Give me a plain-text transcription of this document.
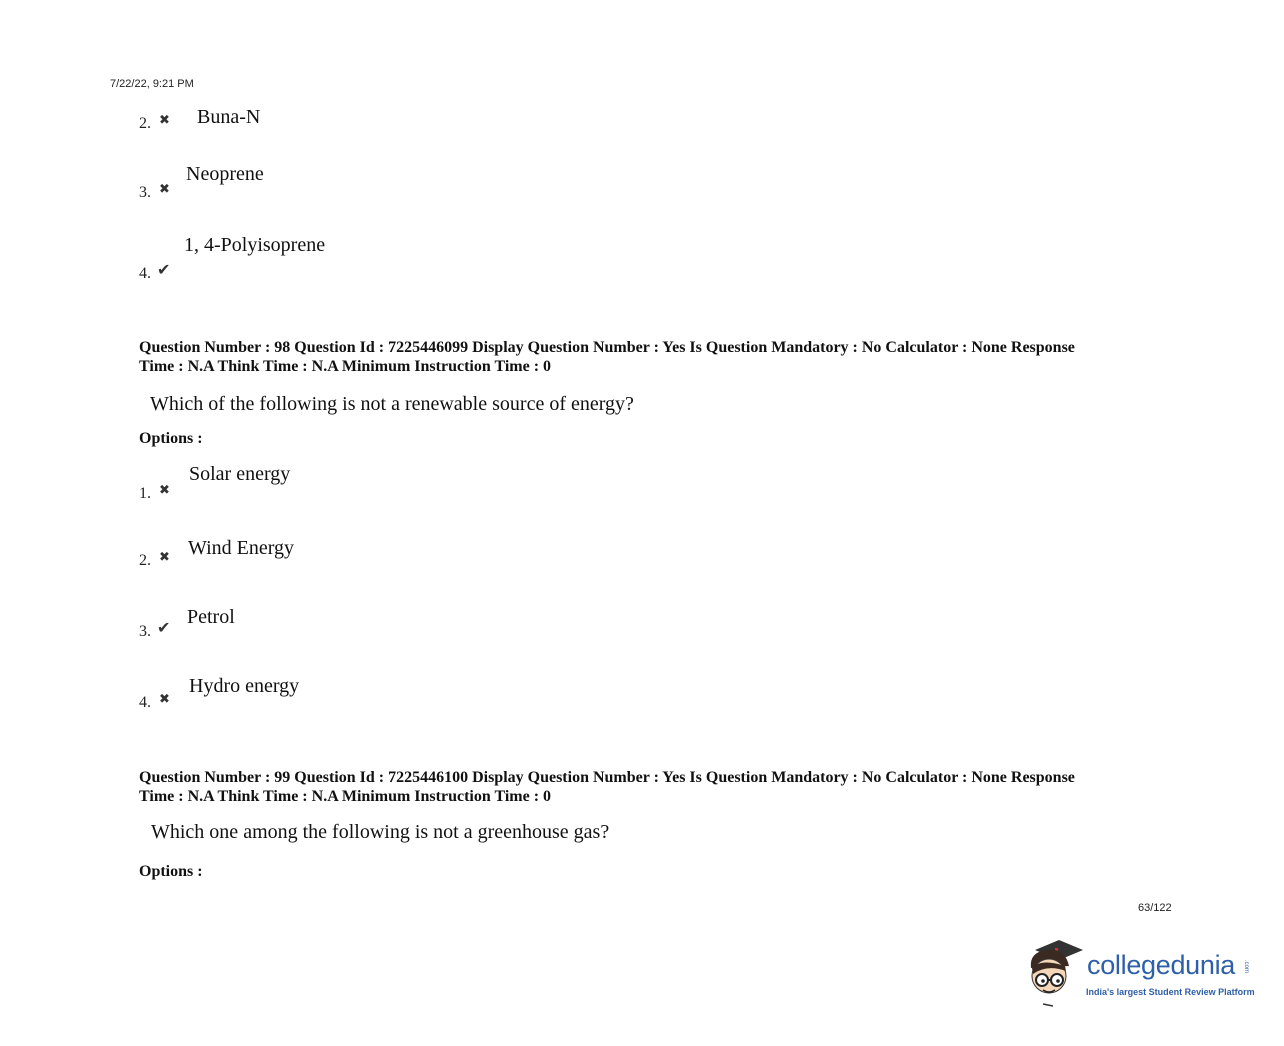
7/22/22, 9:21 PM
2. ✖ Buna-N
3. ✖
Neoprene
4. ✔
1, 4-Polyisoprene
Question Number : 98 Question Id : 7225446099 Display Question Number : Yes Is Question Mandatory : No Calculator : None Response
Time : N.A Think Time : N.A Minimum Instruction Time : 0
Which of the following is not a renewable source of energy?
Options :
1. ✖
Solar energy
2. ✖ Wind Energy
3. ✔ Petrol
4. ✖
Hydro energy
Question Number : 99 Question Id : 7225446100 Display Question Number : Yes Is Question Mandatory : No Calculator : None Response
Time : N.A Think Time : N.A Minimum Instruction Time : 0
Which one among the following is not a greenhouse gas?
Options :
63/122
collegedunia .com
India's largest Student Review Platform
